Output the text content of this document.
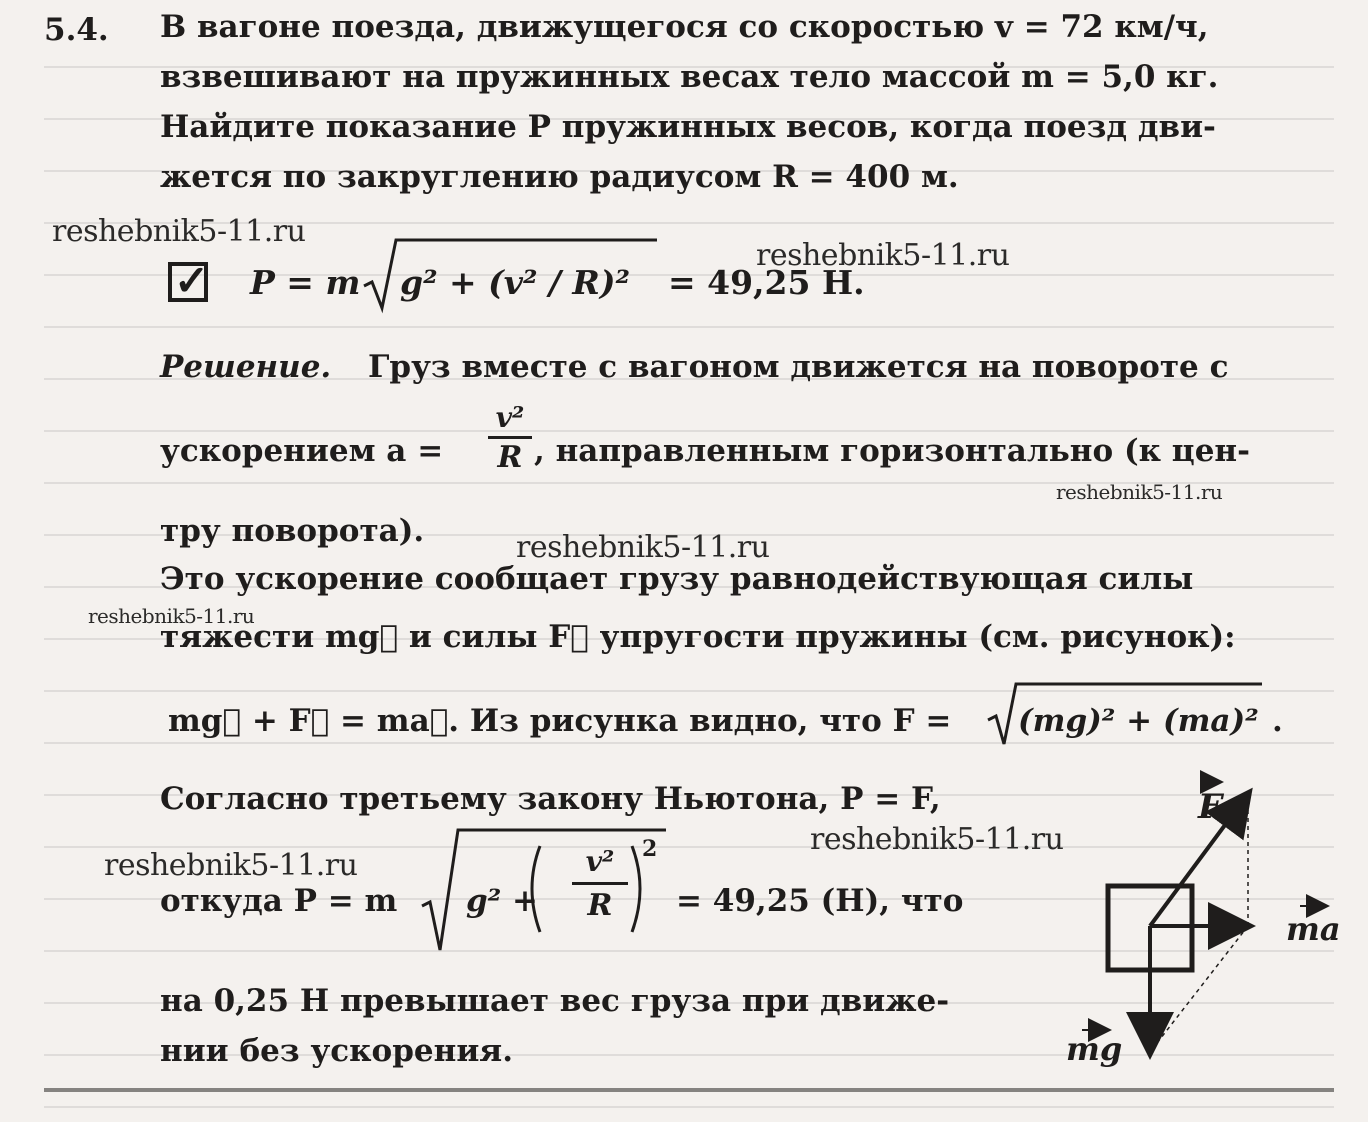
5.4. В вагоне поезда, движущегося со скоростью v = 72 км/ч,
взвешивают на пружинных весах тело массой m = 5,0 кг.
Найдите показание P пружинных весов, когда поезд дви-
жется по закруглению радиусом R = 400 м.
✓ P = m g² + (v² / R)² = 49,25 Н.
Решение. Груз вместе с вагоном движется на повороте с
ускорением a =
v²
R , направленным горизонтально (к цен-
тру поворота).
Это ускорение сообщает грузу равнодействующая силы
тяжести mg⃗ и силы F⃗ упругости пружины (см. рисунок):
mg⃗ + F⃗ = ma⃗. Из рисунка видно, что F = (mg)² + (ma)² .
Согласно третьему закону Ньютона, P = F,
откуда P = m g² +
v²
R
2
= 49,25 (Н), что
на 0,25 Н превышает вес груза при движе-
нии без ускорения.
F
ma
mg
reshebnik5-11.ru
reshebnik5-11.ru
reshebnik5-11.ru
reshebnik5-11.ru
reshebnik5-11.ru
reshebnik5-11.ru
reshebnik5-11.ru
